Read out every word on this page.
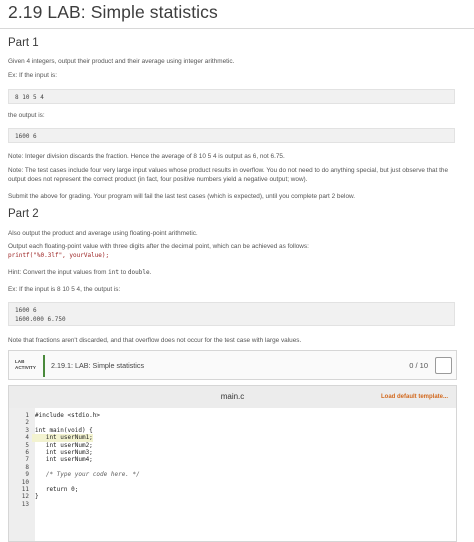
2.19 LAB: Simple statistics
Part 1

Given 4 integers, output their product and their average using integer arithmetic.

Ex: If the input is:

8 10 5 4

the output is:

1600 6

Note: Integer division discards the fraction. Hence the average of 8 10 5 4 is output as 6, not 6.75.

Note: The test cases include four very large input values whose product results in overflow. You do not need to do anything special, but just observe that the output does not represent the correct product (in fact, four positive numbers yield a negative output; wow).

Submit the above for grading. Your program will fail the last test cases (which is expected), until you complete part 2 below.

Part 2

Also output the product and average using floating-point arithmetic.

Output each floating-point value with three digits after the decimal point, which can be achieved as follows:

printf("%0.3lf", yourValue);

Hint: Convert the input values from int to double.

Ex: If the input is 8 10 5 4, the output is:

1600 6
1600.000 6.750

Note that fractions aren't discarded, and that overflow does not occur for the test case with large values.

LAB
ACTIVITY 2.19.1: LAB: Simple statistics	0 / 10
main.c	Load default template...
1	#include <stdio.h>
2
3	int main(void) {
4	int userNum1;
5	int userNum2;
6	int userNum3;
7	int userNum4;
8
9	/* Type your code here. */
10
11	return 0;
12	}
13
